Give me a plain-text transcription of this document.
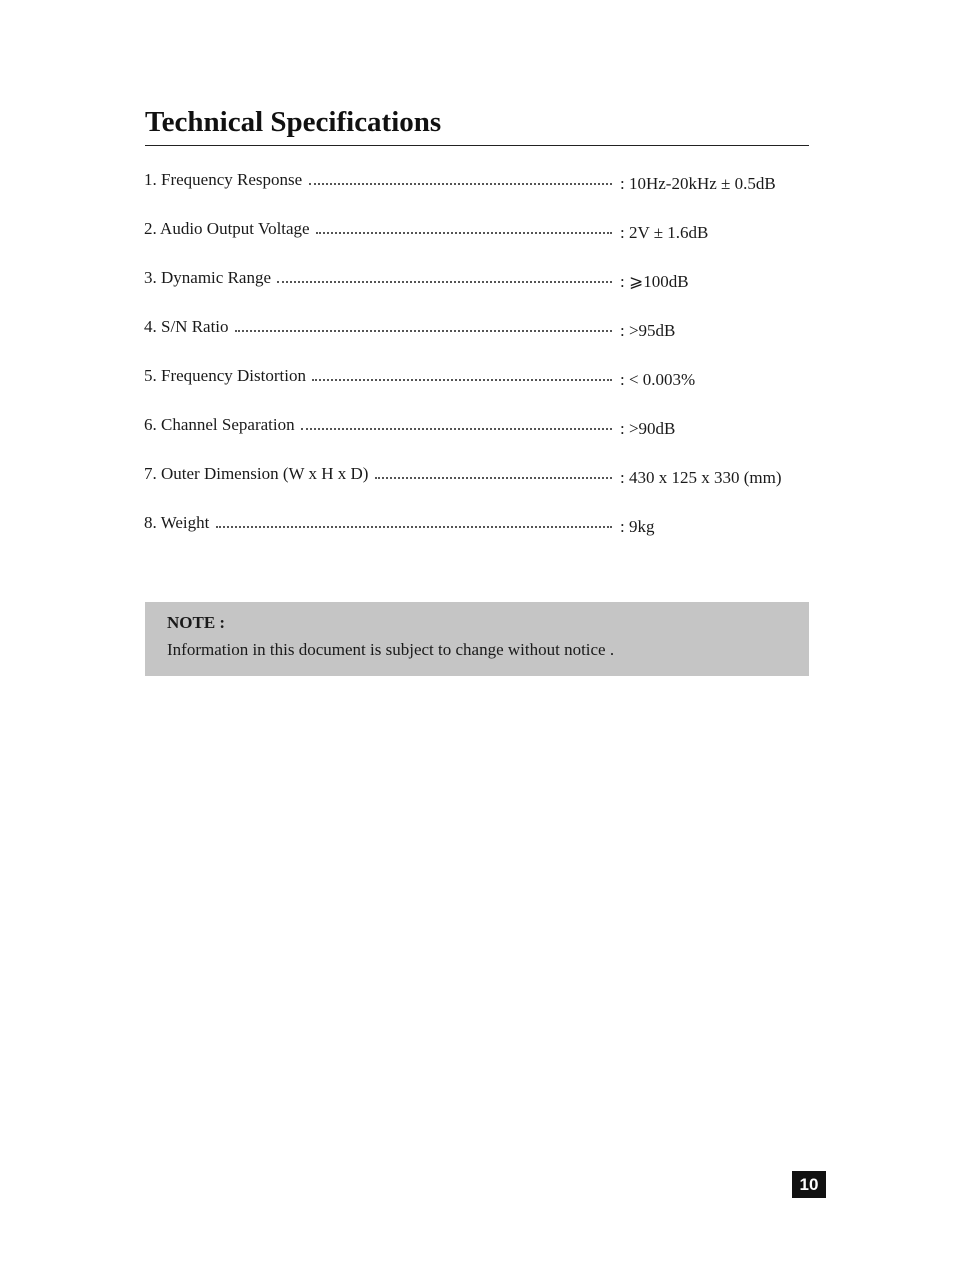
Technical Specifications
1. Frequency Response	: 10Hz-20kHz ± 0.5dB
2. Audio Output Voltage	: 2V ± 1.6dB
3. Dynamic Range	: ⩾100dB
4. S/N Ratio	: >95dB
5. Frequency Distortion	: < 0.003%
6. Channel Separation	: >90dB
7. Outer Dimension (W x H x D)	: 430 x 125 x 330 (mm)
8. Weight	: 9kg

NOTE :

Information in this document is subject to change without notice .

10
